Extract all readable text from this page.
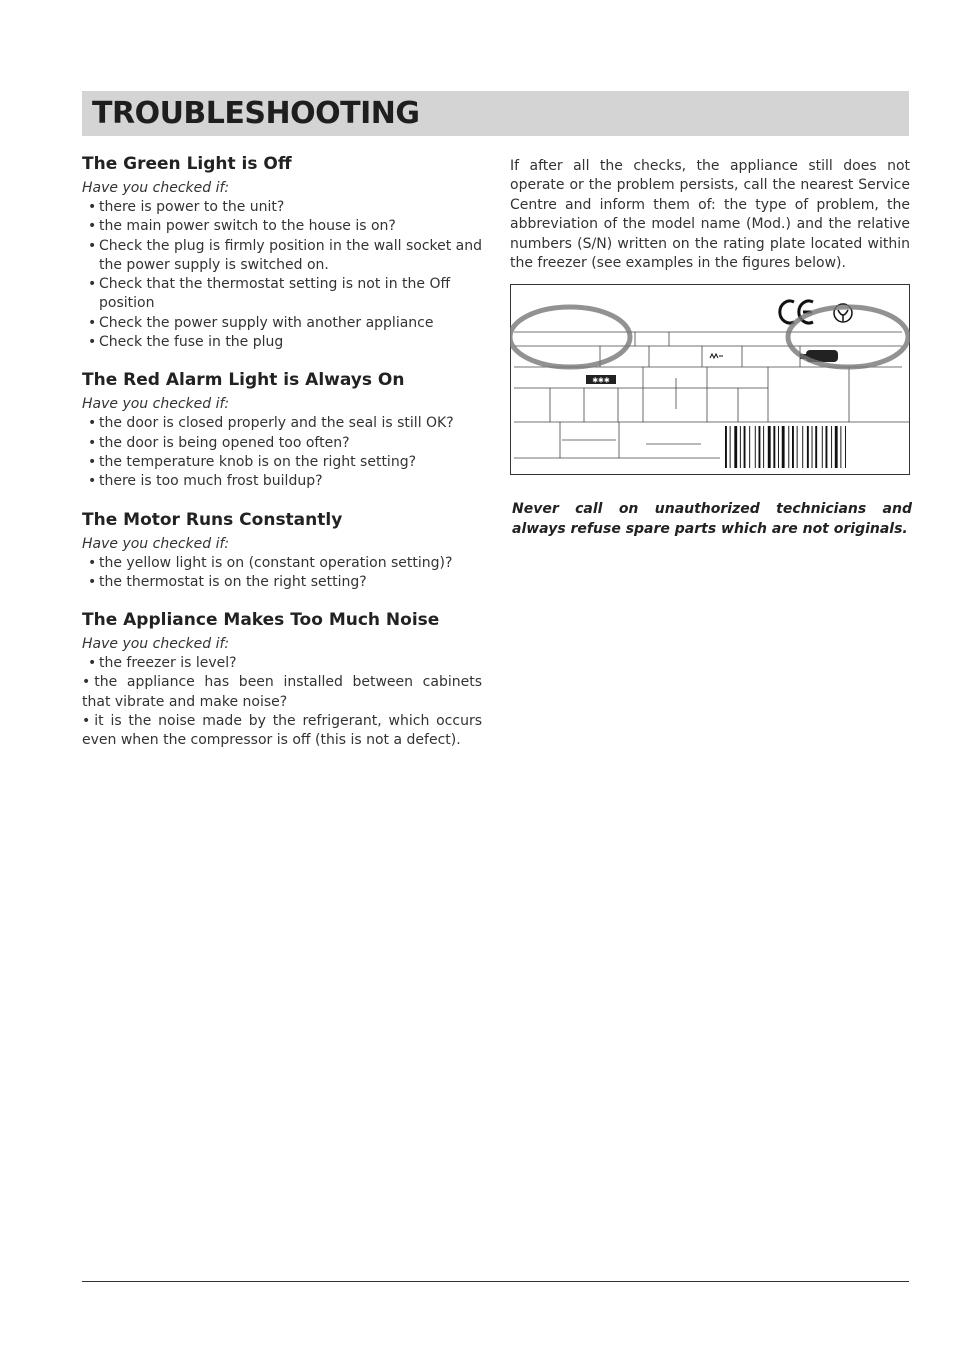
TROUBLESHOOTING
The Green Light is Off
Have you checked if:
• there is power to the unit?
• the main power switch to the house is on?
• Check the plug is firmly position in the wall socket and the power supply is switched on.
• Check that the thermostat setting is not in the Off position
• Check the power supply with another appliance
• Check the fuse in the plug
The Red Alarm Light is Always On
Have you checked if:
• the door is closed properly and the seal is still OK?
• the door is being opened too often?
• the temperature knob is on the right setting?
• there is too much frost buildup?
The Motor Runs Constantly
Have you checked if:
• the yellow light is on (constant operation setting)?
• the thermostat is on the right setting?
The Appliance Makes Too Much Noise
Have you checked if:
• the freezer is level?
• the appliance has been installed between cabinets that vibrate and make noise?
• it is the noise made by the refrigerant, which occurs even when the compressor is off (this is not a defect).

If after all the checks, the appliance still does not operate or the problem persists, call the nearest Service Centre and inform them of: the type of problem, the abbreviation of the model name (Mod.) and the relative numbers (S/N) written on the rating plate located within the freezer (see examples in the figures below).

✱✱✱

Never call on unauthorized technicians and always refuse spare parts which are not originals.
